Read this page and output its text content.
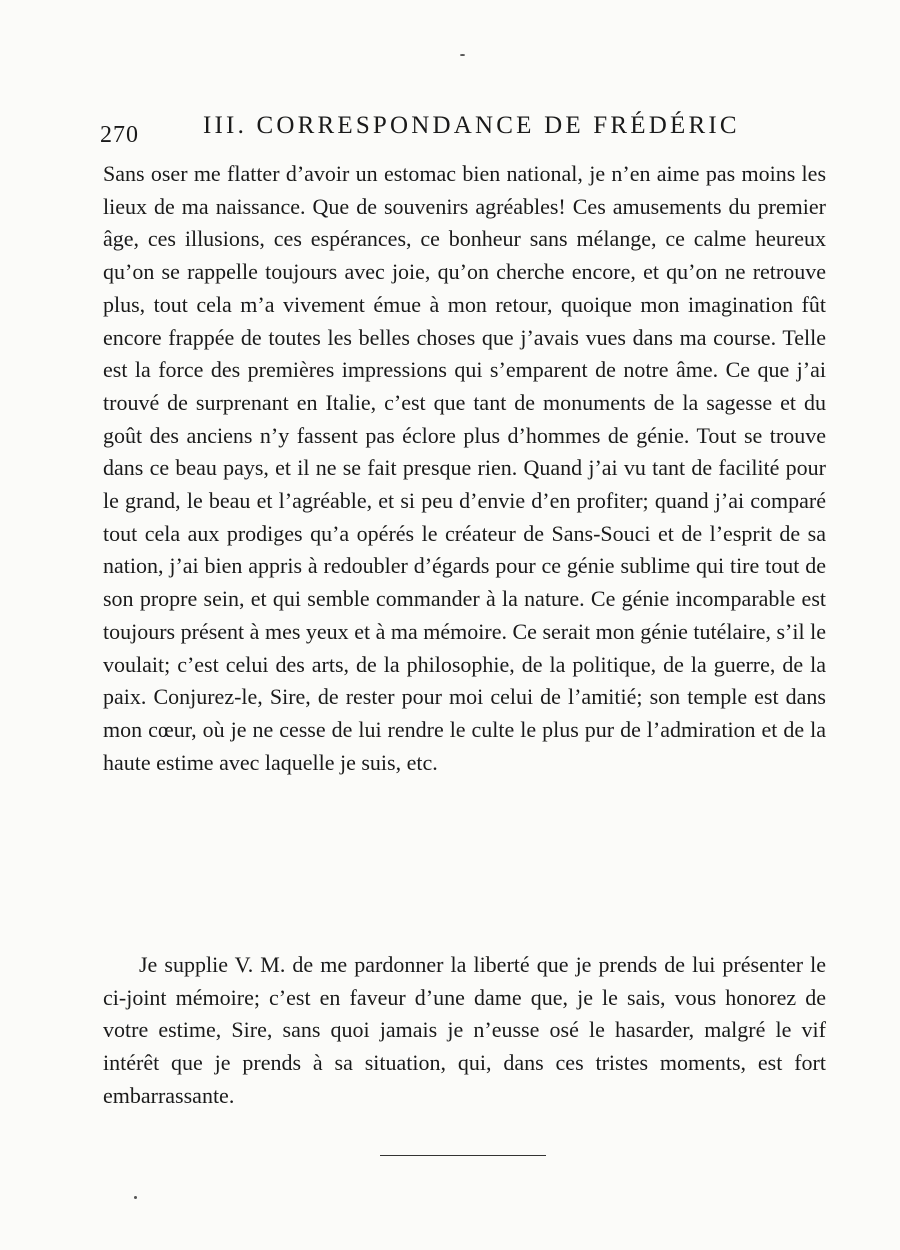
270	III. CORRESPONDANCE DE FRÉDÉRIC

Sans oser me flatter d’avoir un estomac bien national, je n’en aime pas moins les lieux de ma naissance. Que de souvenirs agréables! Ces amusements du premier âge, ces illusions, ces espérances, ce bonheur sans mélange, ce calme heureux qu’on se rappelle toujours avec joie, qu’on cherche encore, et qu’on ne retrouve plus, tout cela m’a vivement émue à mon retour, quoique mon imagination fût encore frappée de toutes les belles choses que j’avais vues dans ma course. Telle est la force des premières impressions qui s’emparent de notre âme. Ce que j’ai trouvé de surprenant en Italie, c’est que tant de monuments de la sagesse et du goût des anciens n’y fassent pas éclore plus d’hommes de génie. Tout se trouve dans ce beau pays, et il ne se fait presque rien. Quand j’ai vu tant de facilité pour le grand, le beau et l’agréable, et si peu d’envie d’en profiter; quand j’ai comparé tout cela aux prodiges qu’a opérés le créateur de Sans-Souci et de l’esprit de sa nation, j’ai bien appris à redoubler d’égards pour ce génie sublime qui tire tout de son propre sein, et qui semble commander à la nature. Ce génie incomparable est toujours présent à mes yeux et à ma mémoire. Ce serait mon génie tutélaire, s’il le voulait; c’est celui des arts, de la philosophie, de la politique, de la guerre, de la paix. Conjurez-le, Sire, de rester pour moi celui de l’amitié; son temple est dans mon cœur, où je ne cesse de lui rendre le culte le plus pur de l’admiration et de la haute estime avec laquelle je suis, etc.

Je supplie V. M. de me pardonner la liberté que je prends de lui présenter le ci-joint mémoire; c’est en faveur d’une dame que, je le sais, vous honorez de votre estime, Sire, sans quoi jamais je n’eusse osé le hasarder, malgré le vif intérêt que je prends à sa situation, qui, dans ces tristes moments, est fort embarrassante.
